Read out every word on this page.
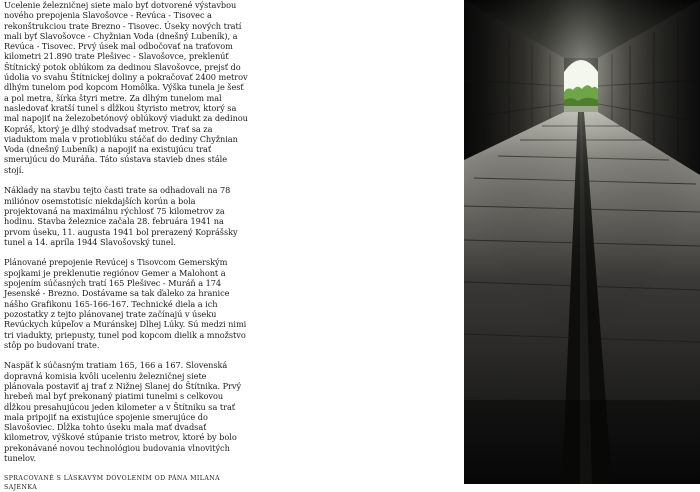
Ucelenie železničnej siete malo byť dotvorené výstavbou nového prepojenia Slavošovce - Revúca - Tisovec a rekonštrukciou trate Brezno - Tisovec. Úseky nových tratí mali byť Slavošovce - Chyžnian Voda (dnešný Lubeník), a Revúca - Tisovec. Prvý úsek mal odbočovať na traťovom kilometri 21.890 trate Plešivec - Slavošovce, preklenúť Štítnický potok oblúkom za dedinou Slavošovce, prejsť do údolia vo svahu Štítnickej doliny a pokračovať 2400 metrov dlhým tunelom pod kopcom Homôlka. Výška tunela je šesť a pol metra, šírka štyri metre. Za dlhým tunelom mal nasledovať kratší tunel s dĺžkou štyristo metrov, ktorý sa mal napojiť na železobetónový oblúkový viadukt za dedinou Kopráš, ktorý je dlhý stodvadsať metrov. Trať sa za viaduktom mala v protioblúku stáčať do dediny Chyžnian Voda (dnešný Lubeník) a napojiť na existujúcu trať smerujúcu do Muráňa. Táto sústava stavieb dnes stále stojí.

Náklady na stavbu tejto časti trate sa odhadovali na 78 miliónov osemstotisíc niekdajších korún a bola projektovaná na maximálnu rýchlosť 75 kilometrov za hodinu. Stavba železnice začala 28. februára 1941 na prvom úseku, 11. augusta 1941 bol prerazený Koprášsky tunel a 14. apríla 1944 Slavošovský tunel.

Plánované prepojenie Revúcej s Tisovcom Gemerským spojkami je preklenutie regiónov Gemer a Malohont a spojením súčasných tratí 165 Plešivec - Muráň a 174 Jesenské - Brezno. Dostávame sa tak ďaleko za hranice nášho Grafikonu 165-166-167. Technické diela a ich pozostatky z tejto plánovanej trate začínajú v úseku Revúckych kúpeľov a Muránskej Dlhej Lúky. Sú medzi nimi tri viadukty, priepusty, tunel pod kopcom dielik a množstvo stôp po budovaní trate.

Naspäť k súčasným tratiam 165, 166 a 167. Slovenská dopravná komisia kvôli uceleniu železničnej siete plánovala postaviť aj trať z Nižnej Slanej do Štítnika. Prvý hrebeň mal byť prekonaný piatimi tunelmi s celkovou dĺžkou presahujúcou jeden kilometer a v Štítniku sa trať mala pripojiť na existujúce spojenie smerujúce do Slavošoviec. Dĺžka tohto úseku mala mať dvadsať kilometrov, výškové stúpanie tristo metrov, ktoré by bolo prekonávané novou technológiou budovania vlnovitých tunelov.

SPRACOVANÉ S LÁSKAVÝM DOVOLENÍM OD PÁNA MILANA SAJENKA
